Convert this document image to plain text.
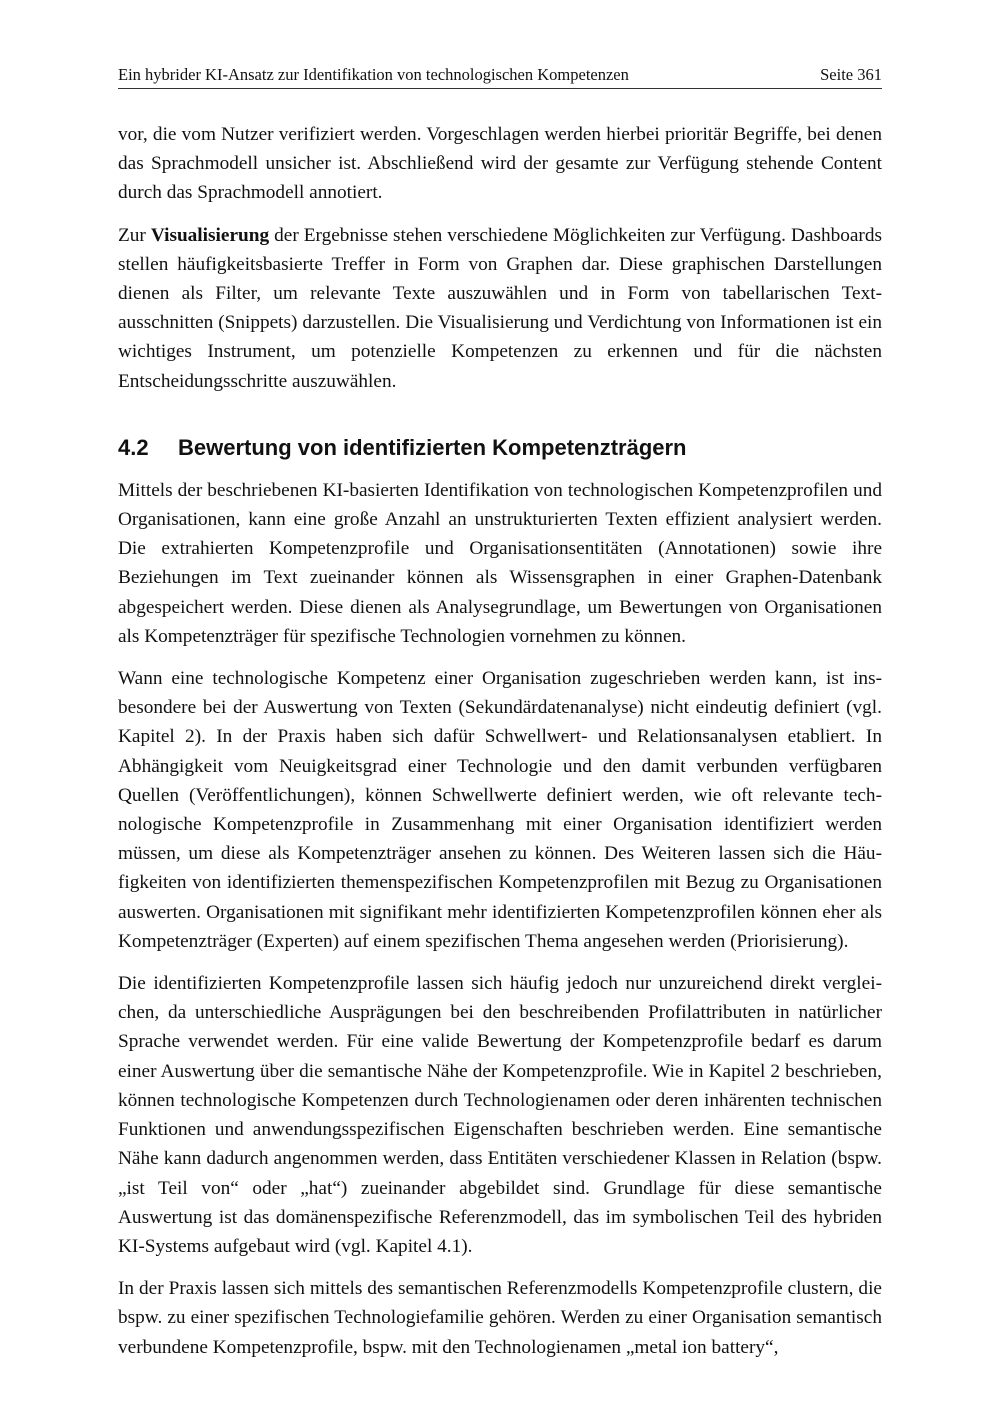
Ein hybrider KI-Ansatz zur Identifikation von technologischen Kompetenzen	Seite 361

vor, die vom Nutzer verifiziert werden. Vorgeschlagen werden hierbei prioritär Begriffe, bei denen das Sprachmodell unsicher ist. Abschließend wird der gesamte zur Verfügung stehende Content durch das Sprachmodell annotiert.

Zur Visualisierung der Ergebnisse stehen verschiedene Möglichkeiten zur Verfügung. Dashboards stellen häufigkeitsbasierte Treffer in Form von Graphen dar. Diese graphischen Darstellungen dienen als Filter, um relevante Texte auszuwählen und in Form von tabellarischen Textausschnitten (Snippets) darzustellen. Die Visualisierung und Verdichtung von Informationen ist ein wichtiges Instrument, um potenzielle Kompetenzen zu erkennen und für die nächsten Entscheidungsschritte auszuwählen.

4.2 Bewertung von identifizierten Kompetenzträgern

Mittels der beschriebenen KI-basierten Identifikation von technologischen Kompetenzprofilen und Organisationen, kann eine große Anzahl an unstrukturierten Texten effizient analysiert werden. Die extrahierten Kompetenzprofile und Organisationsentitäten (Annotationen) sowie ihre Beziehungen im Text zueinander können als Wissensgraphen in einer Graphen-Datenbank abgespeichert werden. Diese dienen als Analysegrundlage, um Bewertungen von Organisationen als Kompetenzträger für spezifische Technologien vornehmen zu können.

Wann eine technologische Kompetenz einer Organisation zugeschrieben werden kann, ist insbesondere bei der Auswertung von Texten (Sekundärdatenanalyse) nicht eindeutig definiert (vgl. Kapitel 2). In der Praxis haben sich dafür Schwellwert- und Relationsanalysen etabliert. In Abhängigkeit vom Neuigkeitsgrad einer Technologie und den damit verbunden verfügbaren Quellen (Veröffentlichungen), können Schwellwerte definiert werden, wie oft relevante technologische Kompetenzprofile in Zusammenhang mit einer Organisation identifiziert werden müssen, um diese als Kompetenzträger ansehen zu können. Des Weiteren lassen sich die Häufigkeiten von identifizierten themenspezifischen Kompetenzprofilen mit Bezug zu Organisationen auswerten. Organisationen mit signifikant mehr identifizierten Kompetenzprofilen können eher als Kompetenzträger (Experten) auf einem spezifischen Thema angesehen werden (Priorisierung).

Die identifizierten Kompetenzprofile lassen sich häufig jedoch nur unzureichend direkt vergleichen, da unterschiedliche Ausprägungen bei den beschreibenden Profilattributen in natürlicher Sprache verwendet werden. Für eine valide Bewertung der Kompetenzprofile bedarf es darum einer Auswertung über die semantische Nähe der Kompetenzprofile. Wie in Kapitel 2 beschrieben, können technologische Kompetenzen durch Technologienamen oder deren inhärenten technischen Funktionen und anwendungsspezifischen Eigenschaften beschrieben werden. Eine semantische Nähe kann dadurch angenommen werden, dass Entitäten verschiedener Klassen in Relation (bspw. „ist Teil von“ oder „hat“) zueinander abgebildet sind. Grundlage für diese semantische Auswertung ist das domänenspezifische Referenzmodell, das im symbolischen Teil des hybriden KI-Systems aufgebaut wird (vgl. Kapitel 4.1).

In der Praxis lassen sich mittels des semantischen Referenzmodells Kompetenzprofile clustern, die bspw. zu einer spezifischen Technologiefamilie gehören. Werden zu einer Organisation semantisch verbundene Kompetenzprofile, bspw. mit den Technologienamen „metal ion battery“,
